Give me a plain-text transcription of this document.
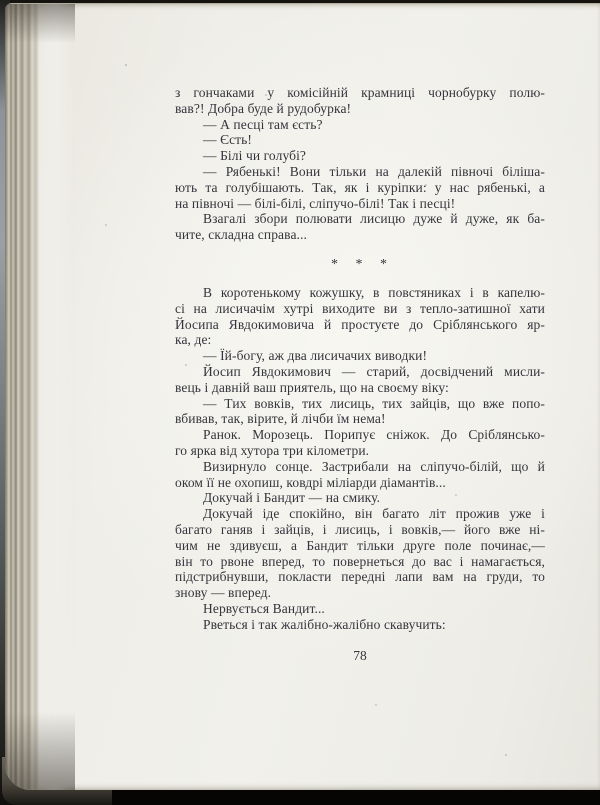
з гончаками у комісійній крамниці чорнобурку полю-
вав?! Добра буде й рудобурка!
— А песці там єсть?
— Єсть!
— Білі чи голубі?
— Рябенькі! Вони тільки на далекій півночі біліша-
ють та голубішають. Так, як і куріпки: у нас рябенькі, а
на півночі — білі-білі, сліпучо-білі! Так і песці!
Взагалі збори полювати лисицю дуже й дуже, як ба-
чите, складна справа...
* * *
В коротенькому кожушку, в повстяниках і в капелю-
сі на лисичачім хутрі виходите ви з тепло-затишної хати
Йосипа Явдокимовича й простуєте до Сріблянського яр-
ка, де:
— Їй-богу, аж два лисичачих виводки!
Йосип Явдокимович — старий, досвідчений мисли-
вець і давній ваш приятель, що на своєму віку:
— Тих вовків, тих лисиць, тих зайців, що вже попо-
вбивав, так, вірите, й лічби їм нема!
Ранок. Морозець. Порипує сніжок. До Сріблянсько-
го ярка від хутора три кілометри.
Визирнуло сонце. Застрибали на сліпучо-білій, що й
оком її не охопиш, ковдрі міліарди діамантів...
Докучай і Бандит — на смику.
Докучай іде спокійно, він багато літ прожив уже і
багато ганяв і зайців, і лисиць, і вовків,— його вже ні-
чим не здивуєш, а Бандит тільки друге поле починає,—
він то рвоне вперед, то повернеться до вас і намагається,
підстрибнувши, покласти передні лапи вам на груди, то
знову — вперед.
Нервується Вандит...
Рветься і так жалібно-жалібно скавучить:
78
